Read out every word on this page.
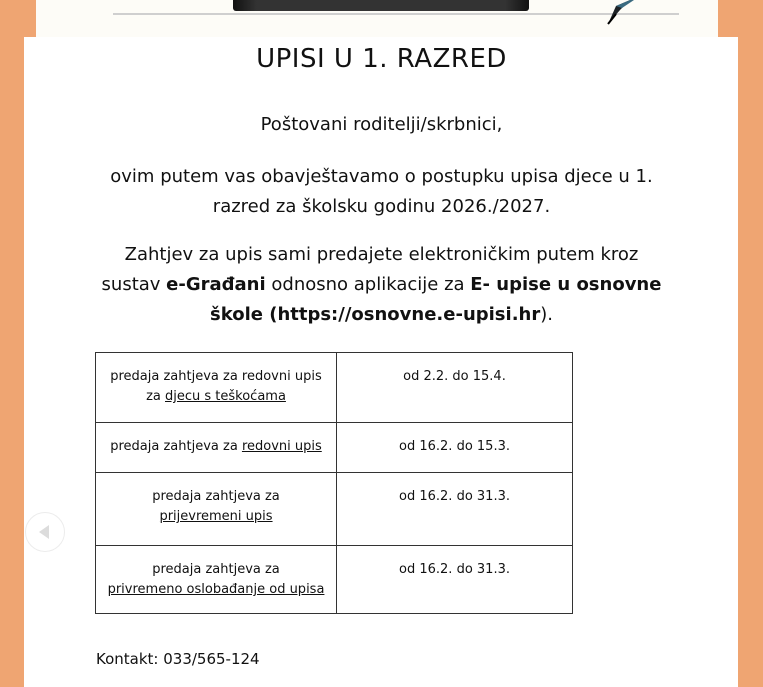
UPISI U 1. RAZRED
Poštovani roditelji/skrbnici,
ovim putem vas obavještavamo o postupku upisa djece u 1.
razred za školsku godinu 2026./2027.
Zahtjev za upis sami predajete elektroničkim putem kroz
sustav e-Građani odnosno aplikacije za E- upise u osnovne
škole (https://osnovne.e-upisi.hr).
predaja zahtjeva za redovni upis
za djecu s teškoćama	od 2.2. do 15.4.
predaja zahtjeva za redovni upis	od 16.2. do 15.3.

predaja zahtjeva za
prijevremeni upis	od 16.2. do 31.3.

predaja zahtjeva za
privremeno oslobađanje od upisa	od 16.2. do 31.3.
Kontakt: 033/565-124
